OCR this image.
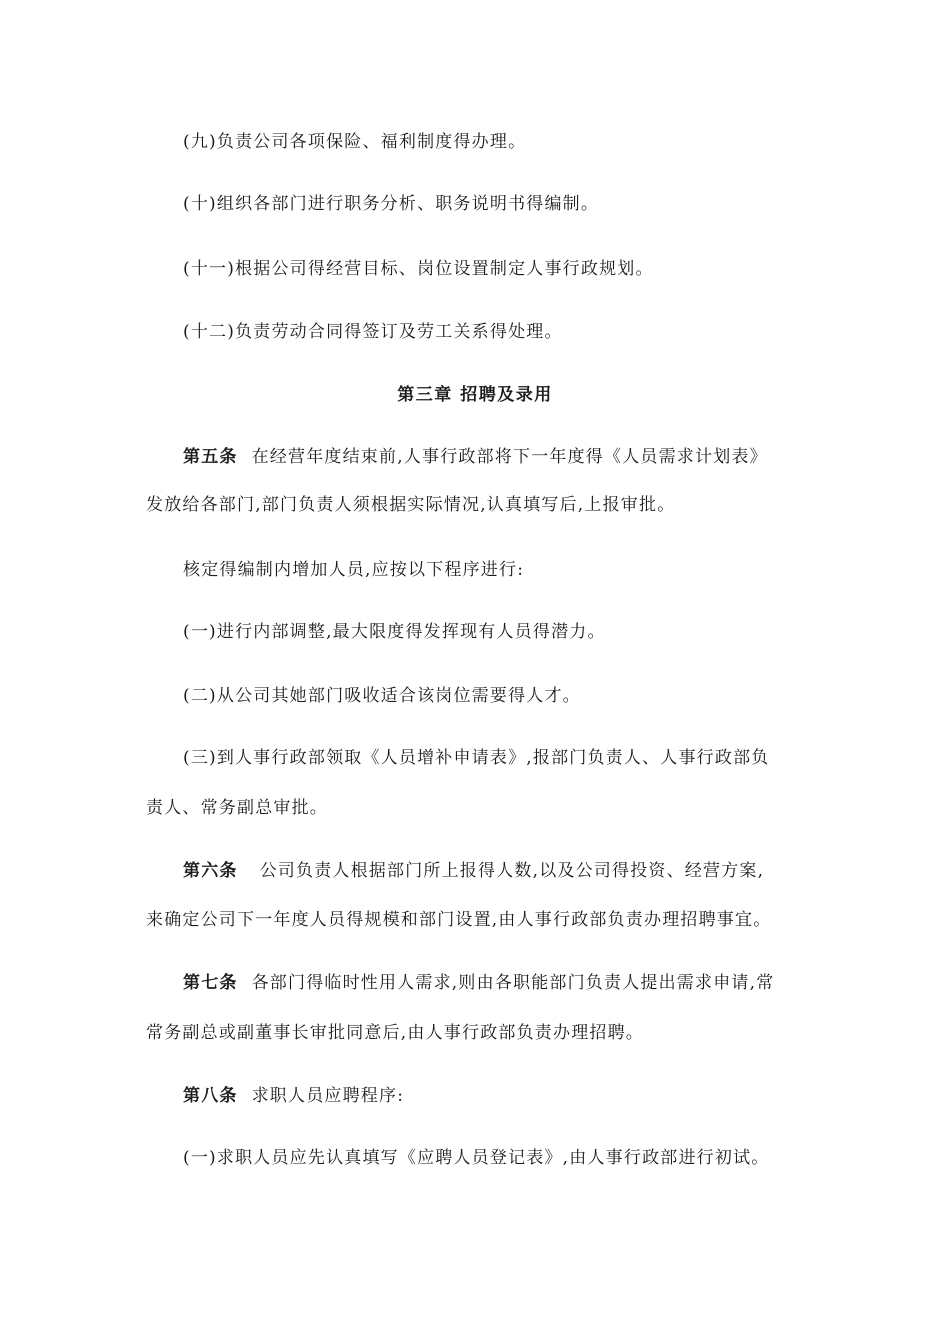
(九)负责公司各项保险、福利制度得办理。
(十)组织各部门进行职务分析、职务说明书得编制。
(十一)根据公司得经营目标、岗位设置制定人事行政规划。
(十二)负责劳动合同得签订及劳工关系得处理。
第三章 招聘及录用
第五条 在经营年度结束前,人事行政部将下一年度得《人员需求计划表》
发放给各部门,部门负责人须根据实际情况,认真填写后,上报审批。
核定得编制内增加人员,应按以下程序进行:
(一)进行内部调整,最大限度得发挥现有人员得潜力。
(二)从公司其她部门吸收适合该岗位需要得人才。
(三)到人事行政部领取《人员增补申请表》,报部门负责人、人事行政部负
责人、常务副总审批。
第六条 公司负责人根据部门所上报得人数,以及公司得投资、经营方案,
来确定公司下一年度人员得规模和部门设置,由人事行政部负责办理招聘事宜。
第七条 各部门得临时性用人需求,则由各职能部门负责人提出需求申请,常
常务副总或副董事长审批同意后,由人事行政部负责办理招聘。
第八条 求职人员应聘程序:
(一)求职人员应先认真填写《应聘人员登记表》,由人事行政部进行初试。
